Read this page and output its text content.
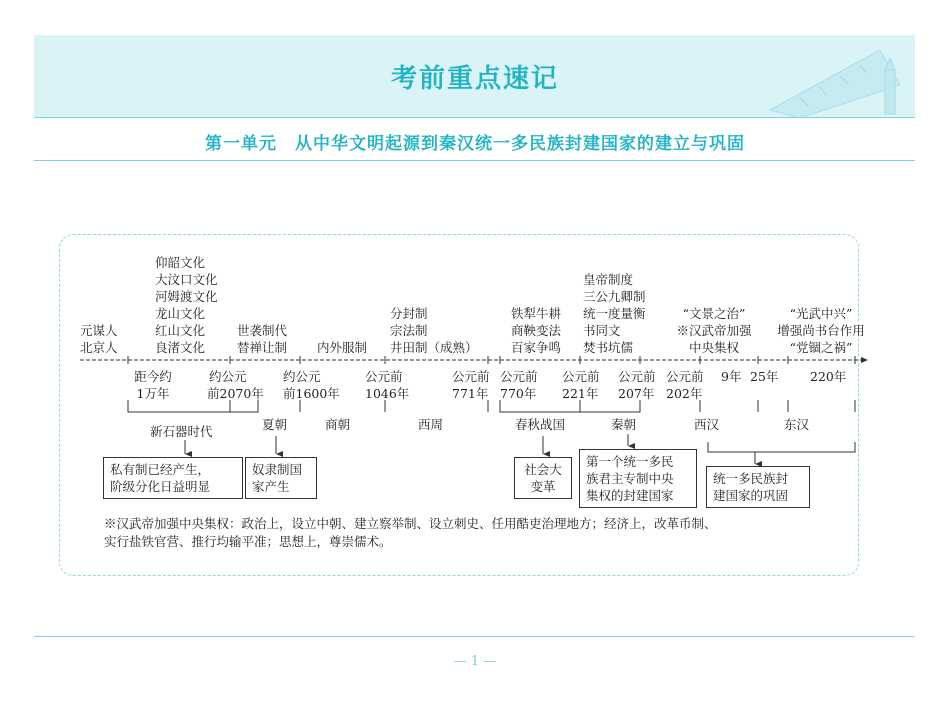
考前重点速记
第一单元　从中华文明起源到秦汉统一多民族封建国家的建立与巩固
元谋人
北京人
仰韶文化
大汶口文化
河姆渡文化
龙山文化
红山文化
良渚文化
世袭制代
替禅让制 内外服制
分封制
宗法制
井田制（成熟）
铁犁牛耕
商鞅变法
百家争鸣
皇帝制度
三公九卿制
统一度量衡
书同文
焚书坑儒
“文景之治”
※汉武帝加强
中央集权
“光武中兴”
增强尚书台作用
“党锢之祸”
距今约
1万年
约公元
前2070年
约公元
前1600年
公元前
1046年
公元前
771年
公元前
770年
公元前
221年
公元前
207年
公元前
202年
9年 25年	220年
新石器时代	夏朝	商朝	西周	春秋战国	秦朝	西汉	东汉
私有制已经产生，
阶级分化日益明显
奴隶制国
家产生
社会大
变革
第一个统一多民
族君主专制中央
集权的封建国家
统一多民族封
建国家的巩固
※汉武帝加强中央集权：政治上，设立中朝、建立察举制、设立刺史、任用酷吏治理地方；经济上，改革币制、
实行盐铁官营、推行均输平准；思想上，尊崇儒术。
— 1 —
